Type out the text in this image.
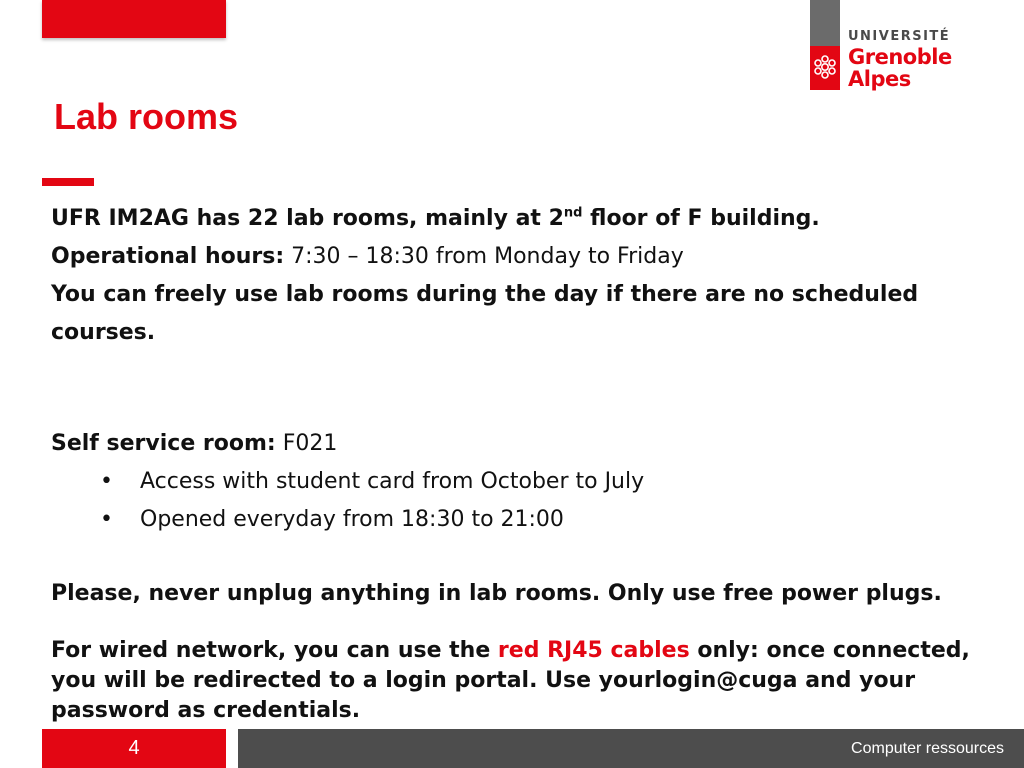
UNIVERSITÉ
Grenoble
Alpes
Lab rooms

UFR IM2AG has 22 lab rooms, mainly at 2nd floor of F building.

Operational hours: 7:30 – 18:30 from Monday to Friday

You can freely use lab rooms during the day if there are no scheduled courses.

Self service room: F021

• Access with student card from October to July
• Opened everyday from 18:30 to 21:00

Please, never unplug anything in lab rooms. Only use free power plugs.

For wired network, you can use the red RJ45 cables only: once connected, you will be redirected to a login portal. Use yourlogin@cuga and your password as credentials.

4	Computer ressources
